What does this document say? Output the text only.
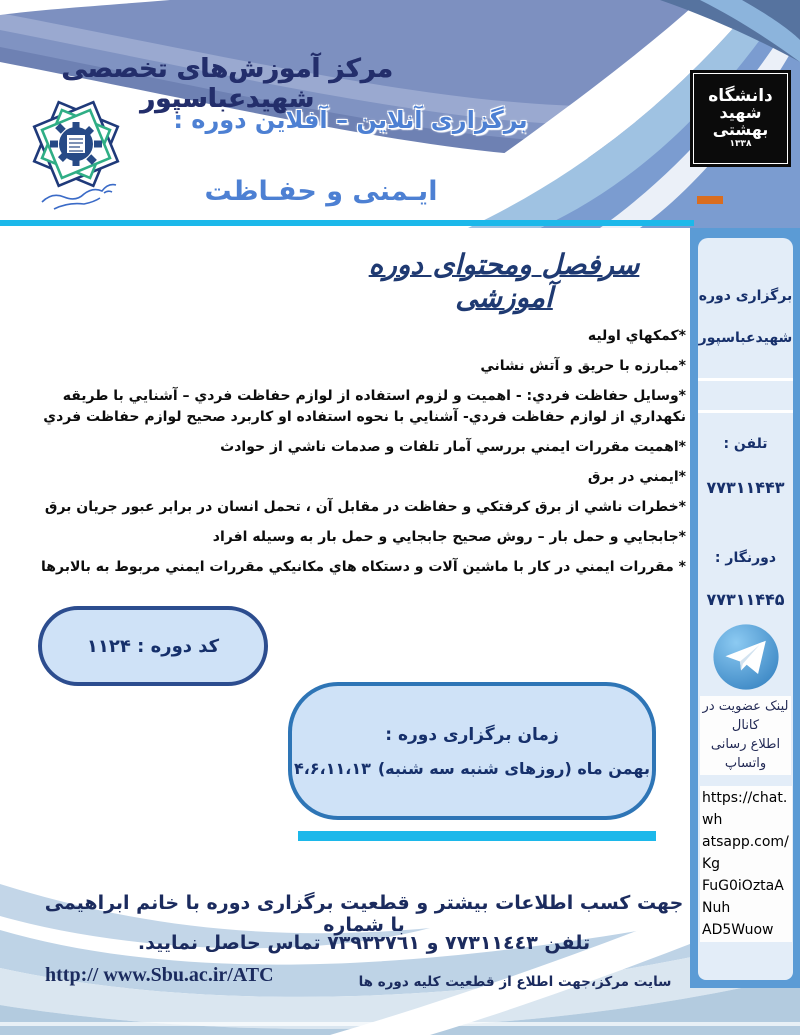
مرکز آموزش‌های تخصصی شهیدعباسپور
برگزاری آنلاین – آفلاین دوره :
ایـمنی و حفـاظت
دانشگاه
شهید
بهشتی
۱۳۳۸
سرفصل ومحتوای دوره آموزشی
*کمکهاي اوليه
*مبارزه با حريق و آتش نشاني
*وسايل حفاظت فردي: - اهميت و لزوم استفاده از لوازم حفاظت فردي – آشنايي با طريقه نكهداري از لوازم حفاظت فردي- آشنايي با نحوه استفاده او كاربرد صحيح لوازم حفاظت فردي
*اهميت مقررات ايمني بررسي آمار تلفات و صدمات ناشي از حوادث
*ايمني در برق
*خطرات ناشي از برق كرفتكي و حفاظت در مقابل آن ، تحمل انسان در برابر عبور جريان برق
*جابجايي و حمل بار – روش صحيح جابجايي و حمل بار به وسيله افراد
* مقررات ايمني در كار با ماشين آلات و دستكاه هاي مكانيكي مقررات ايمني مربوط به بالابرها
کد دوره : ۱۱۲۴
زمان برگزاری دوره :
۴،۶،۱۱،۱۳ بهمن ماه (روزهای شنبه سه شنبه)
برگزاری دوره
شهیدعباسپور
تلفن :
۷۷۳۱۱۴۴۳
دورنگار :
۷۷۳۱۱۴۴۵
لینک عضویت در کانال
اطلاع رسانی واتساپ
https://chat.wh
atsapp.com/Kg
FuG0iOztaANuh
AD5Wuow
جهت کسب اطلاعات بیشتر و قطعیت برگزاری دوره با خانم ابراهیمی با شماره
تلفن ٧٧٣١١٤٤٣ و ٧٣٩٣٢٧٦١ تماس حاصل نمایید.
سایت مرکز،جهت اطلاع از قطعیت کلیه دوره ها
http:// www.Sbu.ac.ir/ATC
